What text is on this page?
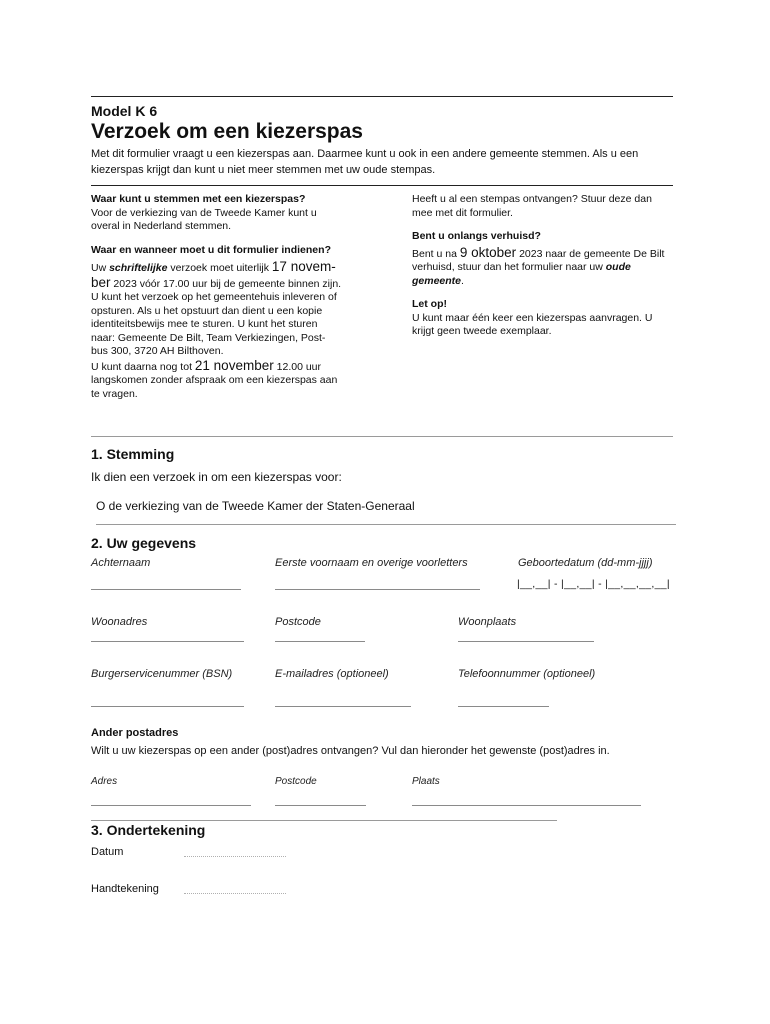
Model K 6
Verzoek om een kiezerspas
Met dit formulier vraagt u een kiezerspas aan. Daarmee kunt u ook in een andere gemeente stemmen. Als u een
kiezerspas krijgt dan kunt u niet meer stemmen met uw oude stempas.
Waar kunt u stemmen met een kiezerspas?
Voor de verkiezing van de Tweede Kamer kunt u
overal in Nederland stemmen.
Waar en wanneer moet u dit formulier indienen?
Uw schriftelijke verzoek moet uiterlijk 17 novem-
ber 2023 vóór 17.00 uur bij de gemeente binnen zijn.
U kunt het verzoek op het gemeentehuis inleveren of
opsturen. Als u het opstuurt dan dient u een kopie
identiteitsbewijs mee te sturen. U kunt het sturen
naar: Gemeente De Bilt, Team Verkiezingen, Post-
bus 300, 3720 AH Bilthoven.
U kunt daarna nog tot 21 november 12.00 uur
langskomen zonder afspraak om een kiezerspas aan
te vragen.
Heeft u al een stempas ontvangen? Stuur deze dan
mee met dit formulier.
Bent u onlangs verhuisd?
Bent u na 9 oktober 2023 naar de gemeente De Bilt
verhuisd, stuur dan het formulier naar uw oude
gemeente.
Let op!
U kunt maar één keer een kiezerspas aanvragen. U
krijgt geen tweede exemplaar.
1. Stemming
Ik dien een verzoek in om een kiezerspas voor:
O de verkiezing van de Tweede Kamer der Staten-Generaal
2. Uw gegevens
Achternaam	Eerste voornaam en overige voorletters	Geboortedatum (dd-mm-jjjj)
|__,__| - |__,__| - |__,__,__,__|
Woonadres	Postcode	Woonplaats
Burgerservicenummer (BSN)	E-mailadres (optioneel)	Telefoonnummer (optioneel)
Ander postadres
Wilt u uw kiezerspas op een ander (post)adres ontvangen? Vul dan hieronder het gewenste (post)adres in.
Adres	Postcode	Plaats
3. Ondertekening
Datum
Handtekening
